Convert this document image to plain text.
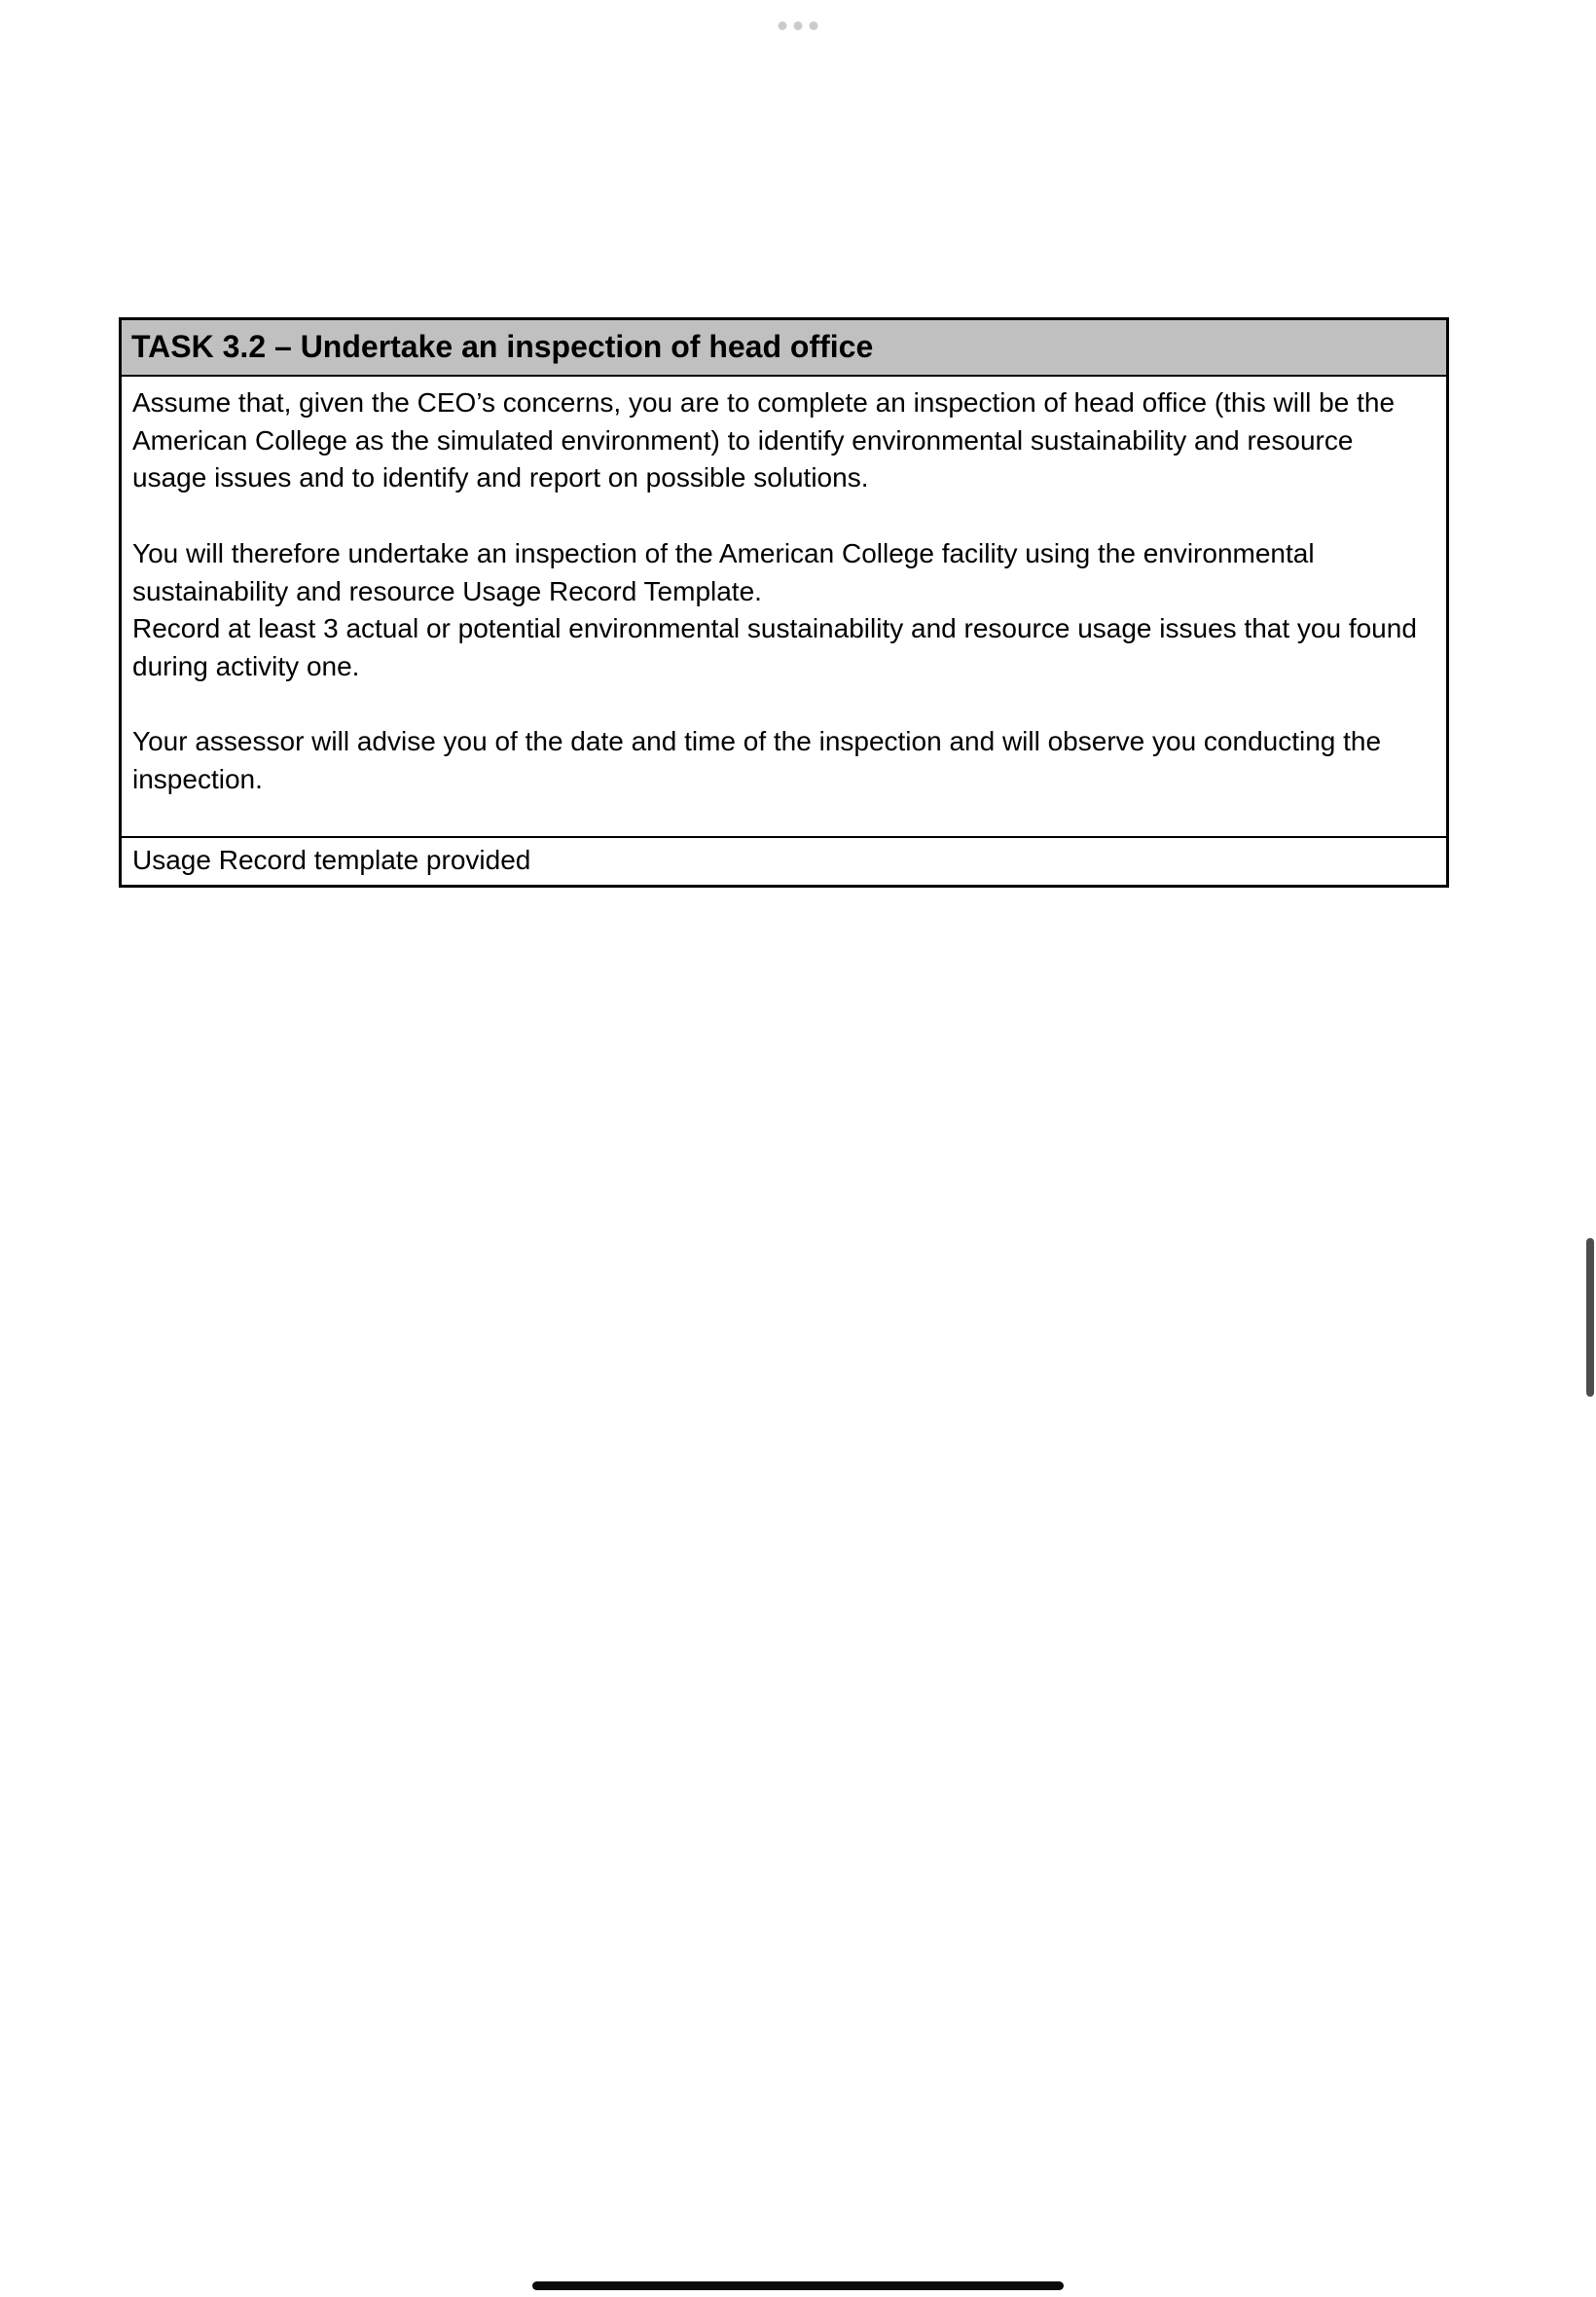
TASK 3.2 – Undertake an inspection of head office

Assume that, given the CEO’s concerns, you are to complete an inspection of head office (this will be the American College as the simulated environment) to identify environmental sustainability and resource usage issues and to identify and report on possible solutions.

You will therefore undertake an inspection of the American College facility using the environmental sustainability and resource Usage Record Template.

Record at least 3 actual or potential environmental sustainability and resource usage issues that you found during activity one.

Your assessor will advise you of the date and time of the inspection and will observe you conducting the inspection.

Usage Record template provided
